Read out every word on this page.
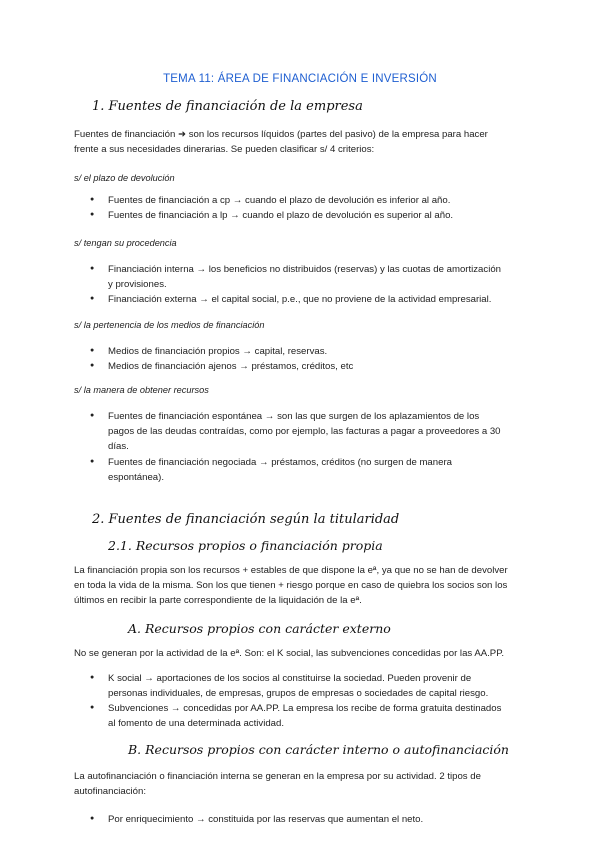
TEMA 11: ÁREA DE FINANCIACIÓN E INVERSIÓN
1. Fuentes de financiación de la empresa
Fuentes de financiación ➜ son los recursos líquidos (partes del pasivo) de la empresa para hacer
frente a sus necesidades dinerarias. Se pueden clasificar s/ 4 criterios:
s/ el plazo de devolución
● Fuentes de financiación a cp → cuando el plazo de devolución es inferior al año.
● Fuentes de financiación a lp → cuando el plazo de devolución es superior al año.
s/ tengan su procedencia
● Financiación interna → los beneficios no distribuidos (reservas) y las cuotas de amortización
y provisiones.
● Financiación externa → el capital social, p.e., que no proviene de la actividad empresarial.
s/ la pertenencia de los medios de financiación
● Medios de financiación propios → capital, reservas.
● Medios de financiación ajenos → préstamos, créditos, etc
s/ la manera de obtener recursos
● Fuentes de financiación espontánea → son las que surgen de los aplazamientos de los
pagos de las deudas contraídas, como por ejemplo, las facturas a pagar a proveedores a 30
días.
● Fuentes de financiación negociada → préstamos, créditos (no surgen de manera
espontánea).
2. Fuentes de financiación según la titularidad
2.1. Recursos propios o financiación propia
La financiación propia son los recursos + estables de que dispone la eª, ya que no se han de devolver
en toda la vida de la misma. Son los que tienen + riesgo porque en caso de quiebra los socios son los
últimos en recibir la parte correspondiente de la liquidación de la eª.
A. Recursos propios con carácter externo
No se generan por la actividad de la eª. Son: el K social, las subvenciones concedidas por las AA.PP.
● K social → aportaciones de los socios al constituirse la sociedad. Pueden provenir de
personas individuales, de empresas, grupos de empresas o sociedades de capital riesgo.
● Subvenciones → concedidas por AA.PP. La empresa los recibe de forma gratuita destinados
al fomento de una determinada actividad.
B. Recursos propios con carácter interno o autofinanciación
La autofinanciación o financiación interna se generan en la empresa por su actividad. 2 tipos de
autofinanciación:
● Por enriquecimiento → constituida por las reservas que aumentan el neto.
